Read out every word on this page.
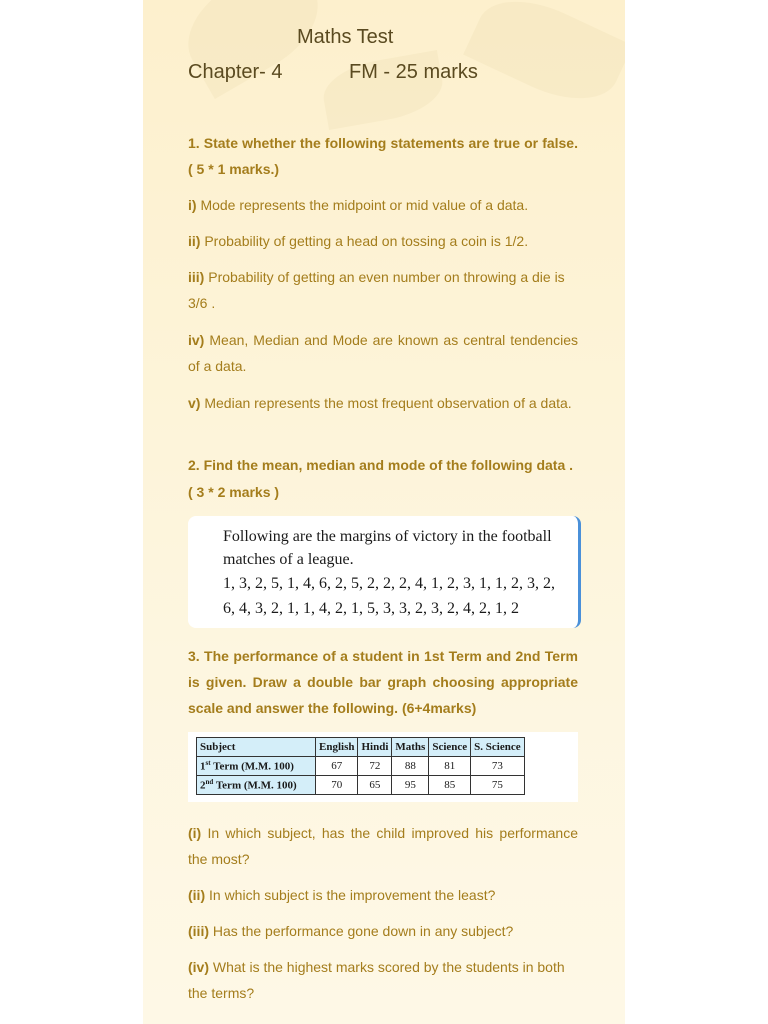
Maths Test
Chapter- 4	FM - 25 marks
1. State whether the following statements are true or false. ( 5 * 1 marks.)
i) Mode represents the midpoint or mid value of a data.
ii) Probability of getting a head on tossing a coin is 1/2.
iii) Probability of getting an even number on throwing a die is 3/6 .
iv) Mean, Median and Mode are known as central tendencies of a data.
v) Median represents the most frequent observation of a data.
2. Find the mean, median and mode of the following data .
( 3 * 2 marks )
Following are the margins of victory in the football
matches of a league.
1, 3, 2, 5, 1, 4, 6, 2, 5, 2, 2, 2, 4, 1, 2, 3, 1, 1, 2, 3, 2,
6, 4, 3, 2, 1, 1, 4, 2, 1, 5, 3, 3, 2, 3, 2, 4, 2, 1, 2
3. The performance of a student in 1st Term and 2nd Term is given. Draw a double bar graph choosing appropriate scale and answer the following. (6+4marks)
Subject	English	Hindi	Maths	Science	S. Science
1st Term (M.M. 100)	67	72	88	81	73
2nd Term (M.M. 100)	70	65	95	85	75
(i) In which subject, has the child improved his performance the most?
(ii) In which subject is the improvement the least?
(iii) Has the performance gone down in any subject?
(iv) What is the highest marks scored by the students in both the terms?
